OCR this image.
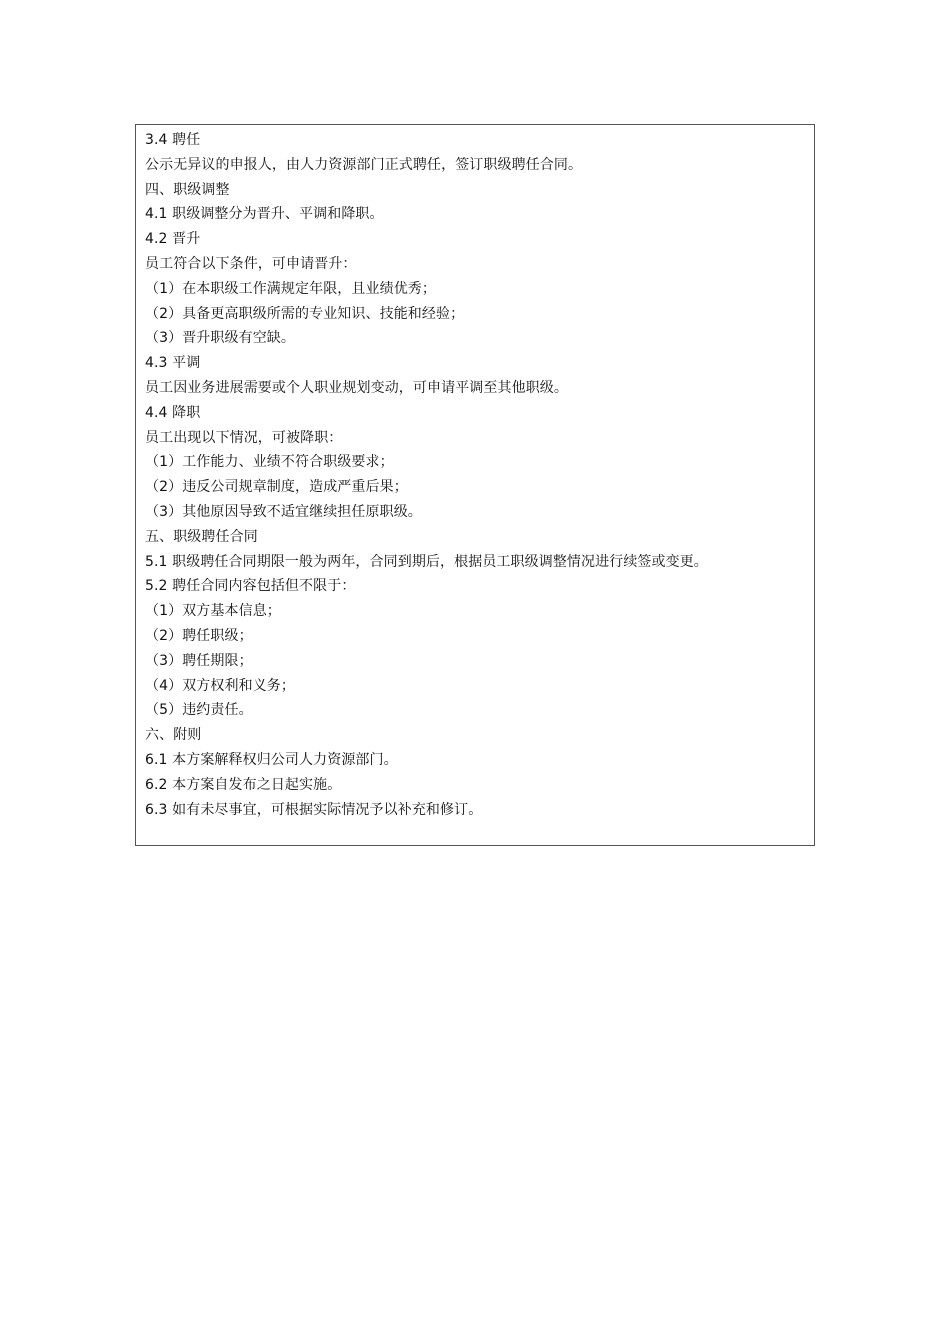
3.4 聘任
公示无异议的申报人，由人力资源部门正式聘任，签订职级聘任合同。
四、职级调整
4.1 职级调整分为晋升、平调和降职。
4.2 晋升
员工符合以下条件，可申请晋升：
（1）在本职级工作满规定年限，且业绩优秀；
（2）具备更高职级所需的专业知识、技能和经验；
（3）晋升职级有空缺。
4.3 平调
员工因业务进展需要或个人职业规划变动，可申请平调至其他职级。
4.4 降职
员工出现以下情况，可被降职：
（1）工作能力、业绩不符合职级要求；
（2）违反公司规章制度，造成严重后果；
（3）其他原因导致不适宜继续担任原职级。
五、职级聘任合同
5.1 职级聘任合同期限一般为两年，合同到期后，根据员工职级调整情况进行续签或变更。
5.2 聘任合同内容包括但不限于：
（1）双方基本信息；
（2）聘任职级；
（3）聘任期限；
（4）双方权利和义务；
（5）违约责任。
六、附则
6.1 本方案解释权归公司人力资源部门。
6.2 本方案自发布之日起实施。
6.3 如有未尽事宜，可根据实际情况予以补充和修订。
